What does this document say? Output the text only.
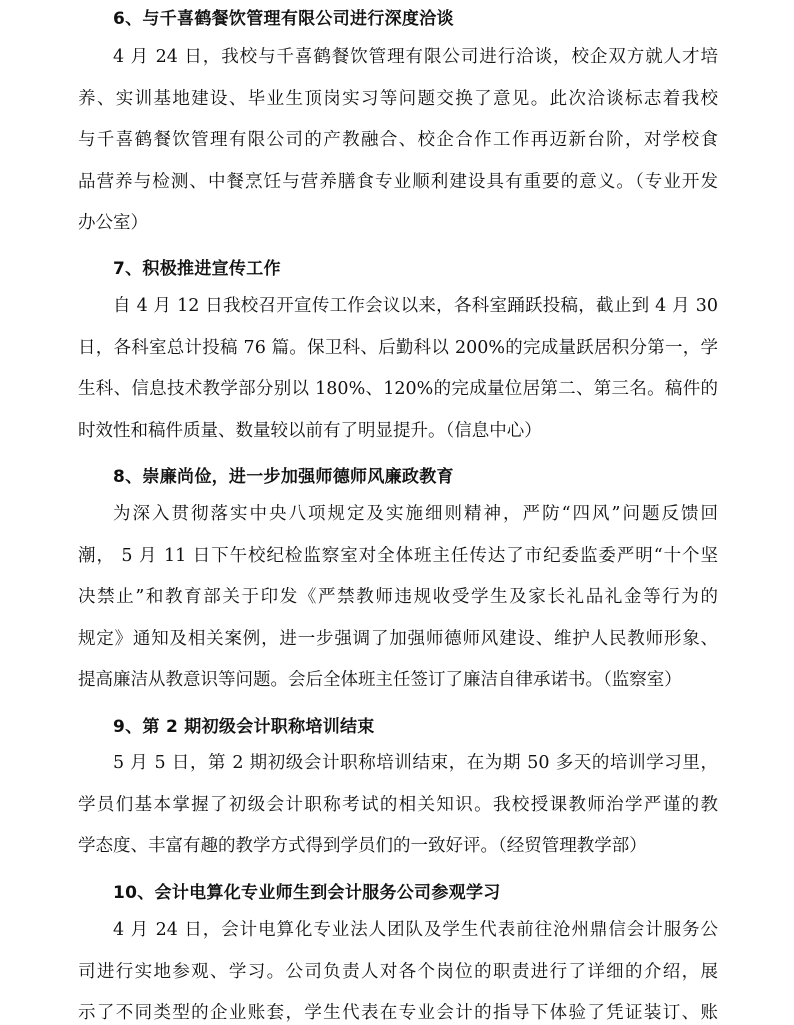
6、与千喜鹤餐饮管理有限公司进行深度洽谈
4 月 24 日，我校与千喜鹤餐饮管理有限公司进行洽谈，校企双方就人才培
养、实训基地建设、毕业生顶岗实习等问题交换了意见。此次洽谈标志着我校
与千喜鹤餐饮管理有限公司的产教融合、校企合作工作再迈新台阶，对学校食
品营养与检测、中餐烹饪与营养膳食专业顺利建设具有重要的意义。（专业开发
办公室）
7、积极推进宣传工作
自 4 月 12 日我校召开宣传工作会议以来，各科室踊跃投稿，截止到 4 月 30
日，各科室总计投稿 76 篇。保卫科、后勤科以 200%的完成量跃居积分第一，学
生科、信息技术教学部分别以 180%、120%的完成量位居第二、第三名。稿件的
时效性和稿件质量、数量较以前有了明显提升。（信息中心）
8、崇廉尚俭，进一步加强师德师风廉政教育
为深入贯彻落实中央八项规定及实施细则精神，严防“四风”问题反馈回
潮， 5 月 11 日下午校纪检监察室对全体班主任传达了市纪委监委严明“十个坚
决禁止”和教育部关于印发《严禁教师违规收受学生及家长礼品礼金等行为的
规定》通知及相关案例，进一步强调了加强师德师风建设、维护人民教师形象、
提高廉洁从教意识等问题。会后全体班主任签订了廉洁自律承诺书。（监察室）
9、第 2 期初级会计职称培训结束
5 月 5 日，第 2 期初级会计职称培训结束，在为期 50 多天的培训学习里，
学员们基本掌握了初级会计职称考试的相关知识。我校授课教师治学严谨的教
学态度、丰富有趣的教学方式得到学员们的一致好评。（经贸管理教学部）
10、会计电算化专业师生到会计服务公司参观学习
4 月 24 日，会计电算化专业法人团队及学生代表前往沧州鼎信会计服务公
司进行实地参观、学习。公司负责人对各个岗位的职责进行了详细的介绍，展
示了不同类型的企业账套，学生代表在专业会计的指导下体验了凭证装订、账
